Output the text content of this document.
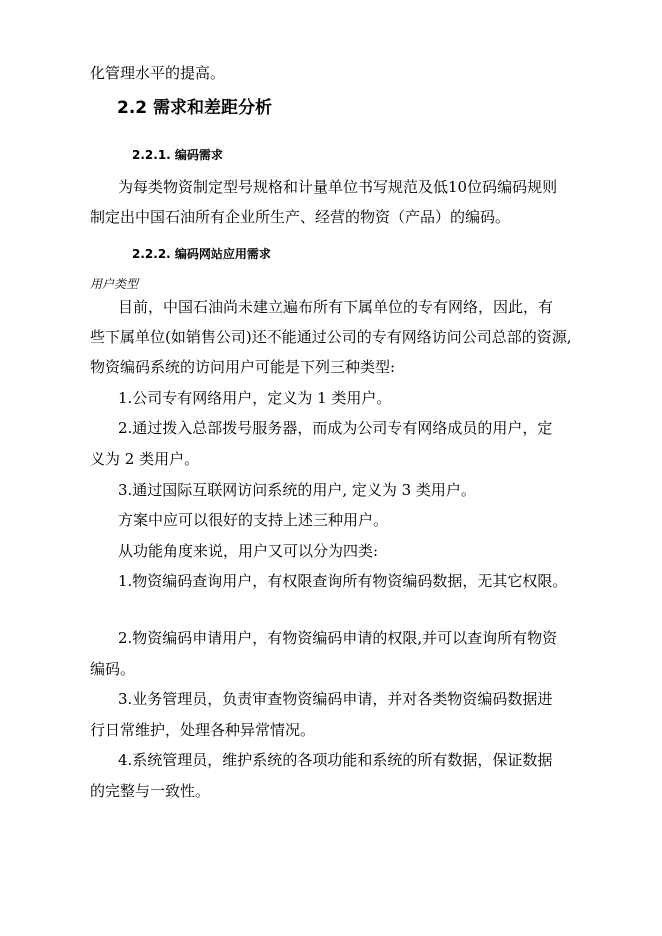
化管理水平的提高。
2.2 需求和差距分析
2.2.1. 编码需求
为每类物资制定型号规格和计量单位书写规范及低10位码编码规则
制定出中国石油所有企业所生产、经营的物资（产品）的编码。
2.2.2. 编码网站应用需求
用户类型
目前，中国石油尚未建立遍布所有下属单位的专有网络，因此，有
些下属单位(如销售公司)还不能通过公司的专有网络访问公司总部的资源,
物资编码系统的访问用户可能是下列三种类型:
1.公司专有网络用户，定义为 1 类用户。
2.通过拨入总部拨号服务器，而成为公司专有网络成员的用户，定
义为 2 类用户。
3.通过国际互联网访问系统的用户, 定义为 3 类用户。
方案中应可以很好的支持上述三种用户。
从功能角度来说，用户又可以分为四类:
1.物资编码查询用户，有权限查询所有物资编码数据，无其它权限。
2.物资编码申请用户，有物资编码申请的权限,并可以查询所有物资
编码。
3.业务管理员，负责审查物资编码申请，并对各类物资编码数据进
行日常维护，处理各种异常情况。
4.系统管理员，维护系统的各项功能和系统的所有数据，保证数据
的完整与一致性。
